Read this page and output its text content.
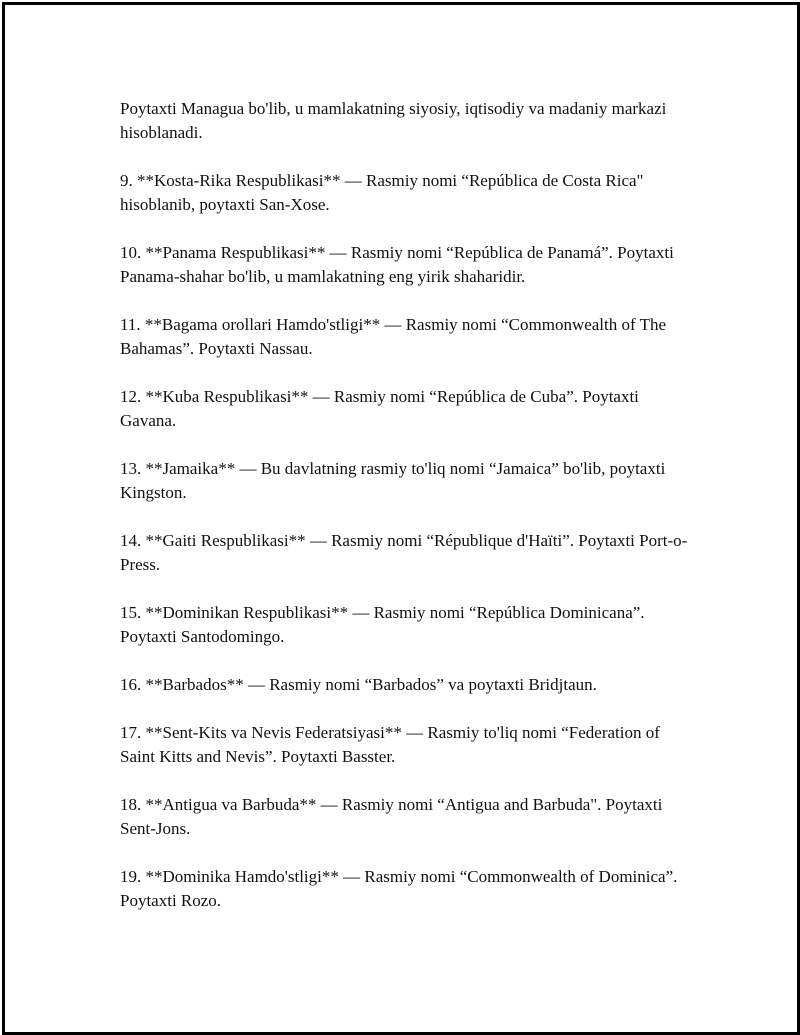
Poytaxti Managua bo'lib, u mamlakatning siyosiy, iqtisodiy va madaniy markazi hisoblanadi.

9. **Kosta-Rika Respublikasi** — Rasmiy nomi “República de Costa Rica" hisoblanib, poytaxti San-Xose.

10. **Panama Respublikasi** — Rasmiy nomi “República de Panamá”. Poytaxti Panama-shahar bo'lib, u mamlakatning eng yirik shaharidir.

11. **Bagama orollari Hamdo'stligi** — Rasmiy nomi “Commonwealth of The Bahamas”. Poytaxti Nassau.

12. **Kuba Respublikasi** — Rasmiy nomi “República de Cuba”. Poytaxti Gavana.

13. **Jamaika** — Bu davlatning rasmiy to'liq nomi “Jamaica” bo'lib, poytaxti Kingston.

14. **Gaiti Respublikasi** — Rasmiy nomi “République d'Haïti”. Poytaxti Port-o-Press.

15. **Dominikan Respublikasi** — Rasmiy nomi “República Dominicana”. Poytaxti Santodomingo.

16. **Barbados** — Rasmiy nomi “Barbados” va poytaxti Bridjtaun.

17. **Sent-Kits va Nevis Federatsiyasi** — Rasmiy to'liq nomi “Federation of Saint Kitts and Nevis”. Poytaxti Basster.

18. **Antigua va Barbuda** — Rasmiy nomi “Antigua and Barbuda". Poytaxti Sent-Jons.

19. **Dominika Hamdo'stligi** — Rasmiy nomi “Commonwealth of Dominica”. Poytaxti Rozo.
